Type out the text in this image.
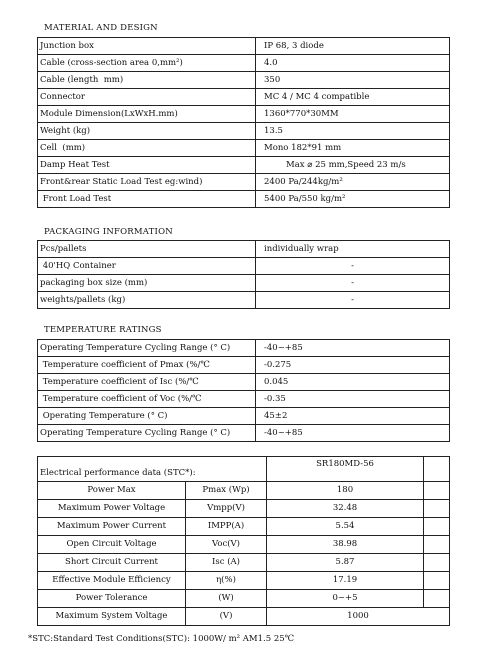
MATERIAL AND DESIGN
Junction box	IP 68, 3 diode
Cable (cross-section area 0,mm²)	4.0
Cable (length  mm)	350
Connector	MC 4 / MC 4 compatible
Module Dimension(LxWxH.mm)	1360*770*30MM
Weight (kg)	13.5
Cell  (mm)	Mono 182*91 mm
Damp Heat Test	Max ⌀ 25 mm,Speed 23 m/s
Front&rear Static Load Test eg:wind)	2400 Pa/244kg/m²
Front Load Test	5400 Pa/550 kg/m²
PACKAGING INFORMATION
Pcs/pallets	individually wrap
40'HQ Container	-
packaging box size (mm)	-
weights/pallets (kg)	-
TEMPERATURE RATINGS
Operating Temperature Cycling Range (° C)	-40~+85
Temperature coefficient of Pmax (%/℃	-0.275
Temperature coefficient of Isc (%/℃	0.045
Temperature coefficient of Voc (%/℃	-0.35
Operating Temperature (° C)	45±2
Operating Temperature Cycling Range (° C)	-40~+85
Electrical performance data (STC*):		SR180MD-56	
Power Max	Pmax (Wp)	180	
Maximum Power Voltage	Vmpp(V)	32.48	
Maximum Power Current	IMPP(A)	5.54	
Open Circuit Voltage	Voc(V)	38.98	
Short Circuit Current	Isc (A)	5.87	
Effective Module Efficiency	η(%)	17.19	
Power Tolerance	(W)	0~+5	
Maximum System Voltage	(V)	1000	
*STC:Standard Test Conditions(STC): 1000W/ m² AM1.5 25℃
